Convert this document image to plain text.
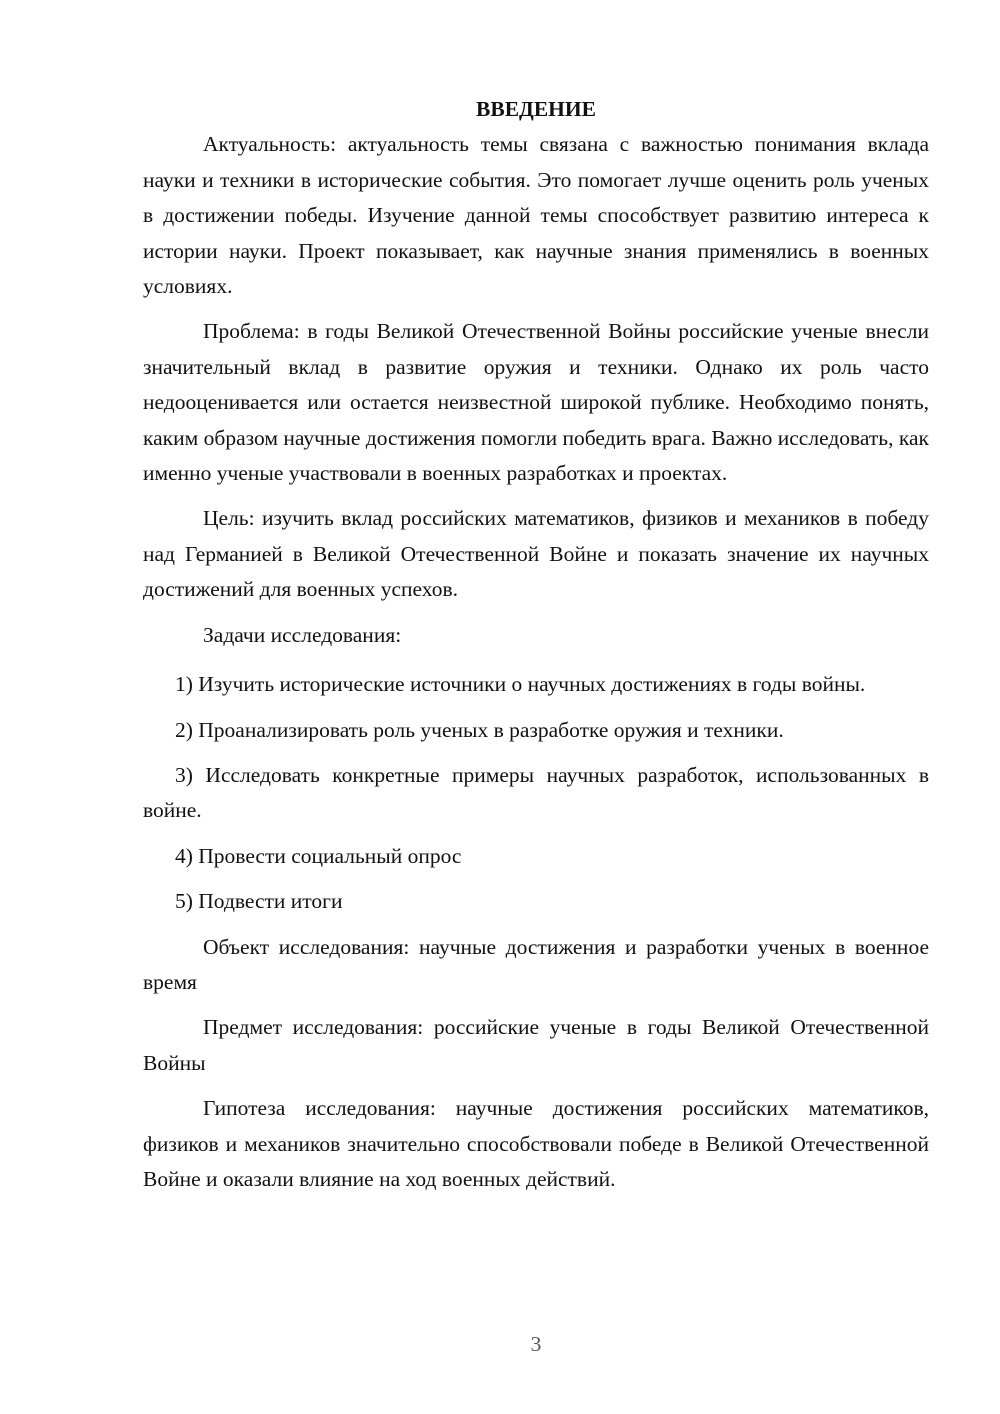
ВВЕДЕНИЕ

Актуальность: актуальность темы связана с важностью понимания вклада науки и техники в исторические события. Это помогает лучше оценить роль ученых в достижении победы. Изучение данной темы способствует развитию интереса к истории науки. Проект показывает, как научные знания применялись в военных условиях.

Проблема: в годы Великой Отечественной Войны российские ученые внесли значительный вклад в развитие оружия и техники. Однако их роль часто недооценивается или остается неизвестной широкой публике. Необходимо понять, каким образом научные достижения помогли победить врага. Важно исследовать, как именно ученые участвовали в военных разработках и проектах.

Цель: изучить вклад российских математиков, физиков и механиков в победу над Германией в Великой Отечественной Войне и показать значение их научных достижений для военных успехов.

Задачи исследования:

1) Изучить исторические источники о научных достижениях в годы войны.

2) Проанализировать роль ученых в разработке оружия и техники.

3) Исследовать конкретные примеры научных разработок, использованных в войне.

4) Провести социальный опрос

5) Подвести итоги

Объект исследования: научные достижения и разработки ученых в военное время

Предмет исследования: российские ученые в годы Великой Отечественной Войны

Гипотеза исследования: научные достижения российских математиков, физиков и механиков значительно способствовали победе в Великой Отечественной Войне и оказали влияние на ход военных действий.

3
